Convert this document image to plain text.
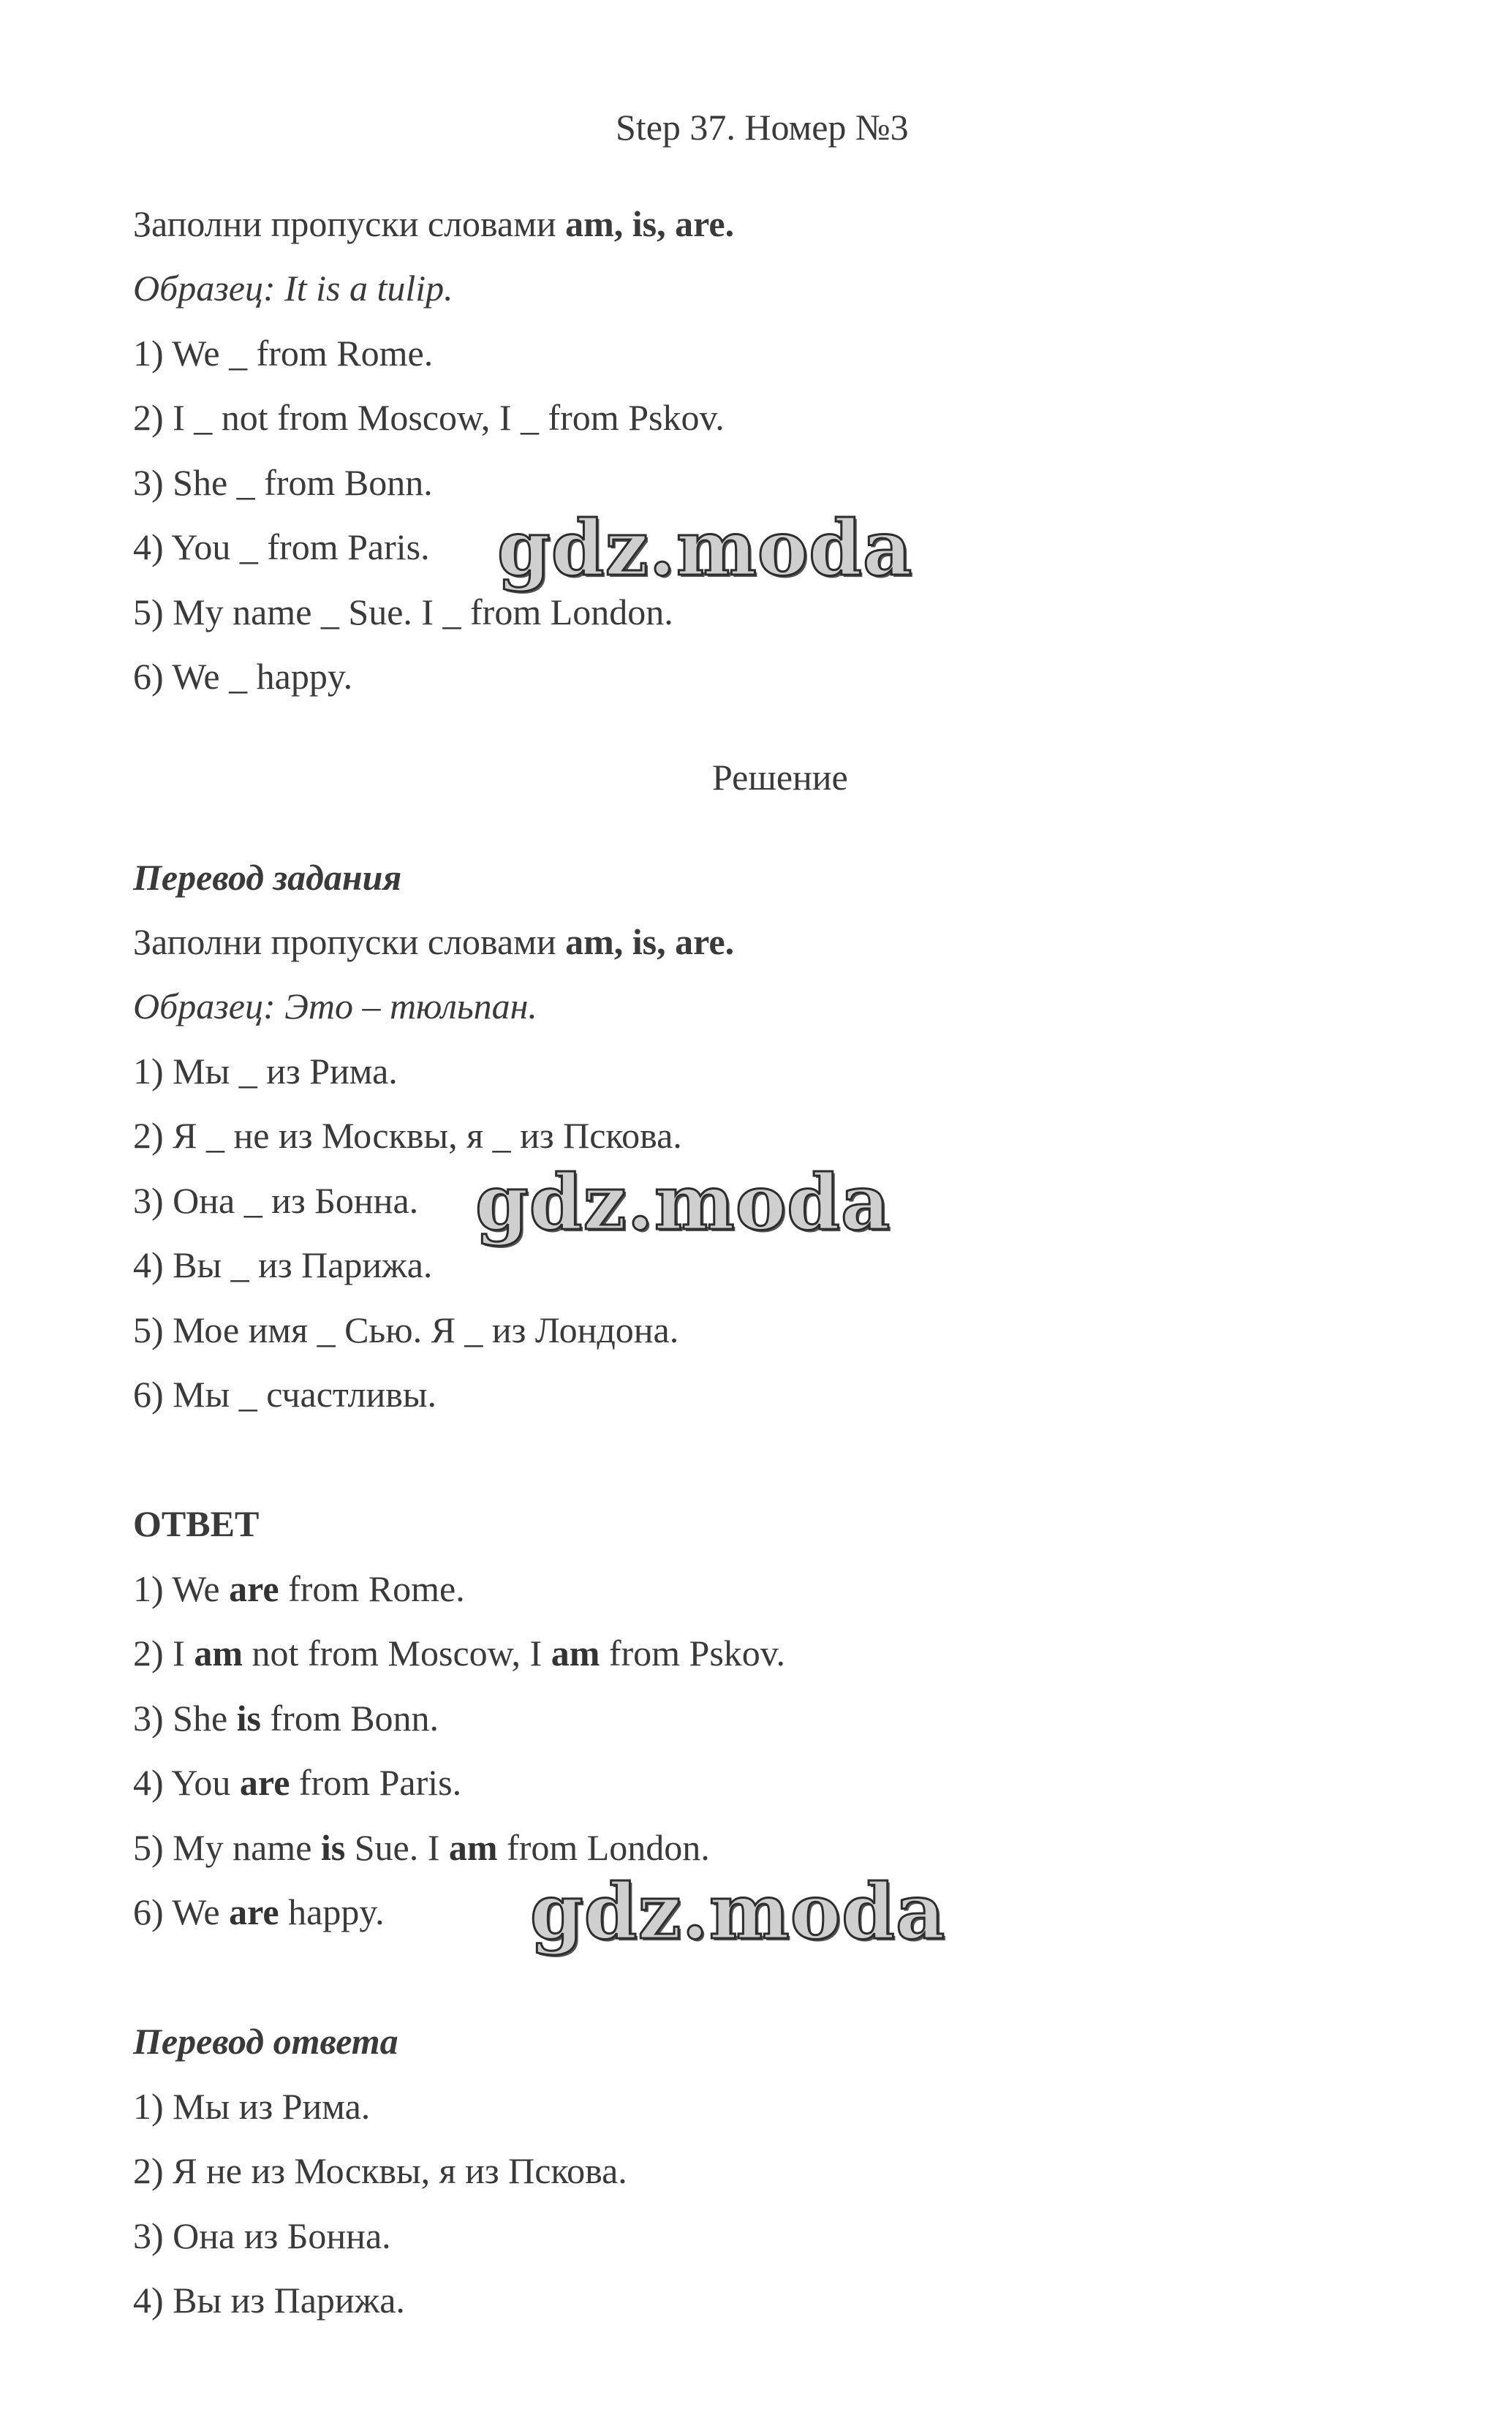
Step 37. Номер №3
Заполни пропуски словами am, is, are.
Образец: It is a tulip.
1) We _ from Rome.
2) I _ not from Moscow, I _ from Pskov.
3) She _ from Bonn.
4) You _ from Paris.
5) My name _ Sue. I _ from London.
6) We _ happy.
Решение
Перевод задания
Заполни пропуски словами am, is, are.
Образец: Это – тюльпан.
1) Мы _ из Рима.
2) Я _ не из Москвы, я _ из Пскова.
3) Она _ из Бонна.
4) Вы _ из Парижа.
5) Мое имя _ Сью. Я _ из Лондона.
6) Мы _ счастливы.
ОТВЕТ
1) We are from Rome.
2) I am not from Moscow, I am from Pskov.
3) She is from Bonn.
4) You are from Paris.
5) My name is Sue. I am from London.
6) We are happy.
Перевод ответа
1) Мы из Рима.
2) Я не из Москвы, я из Пскова.
3) Она из Бонна.
4) Вы из Парижа.
gdz.moda
gdz.moda
gdz.moda
